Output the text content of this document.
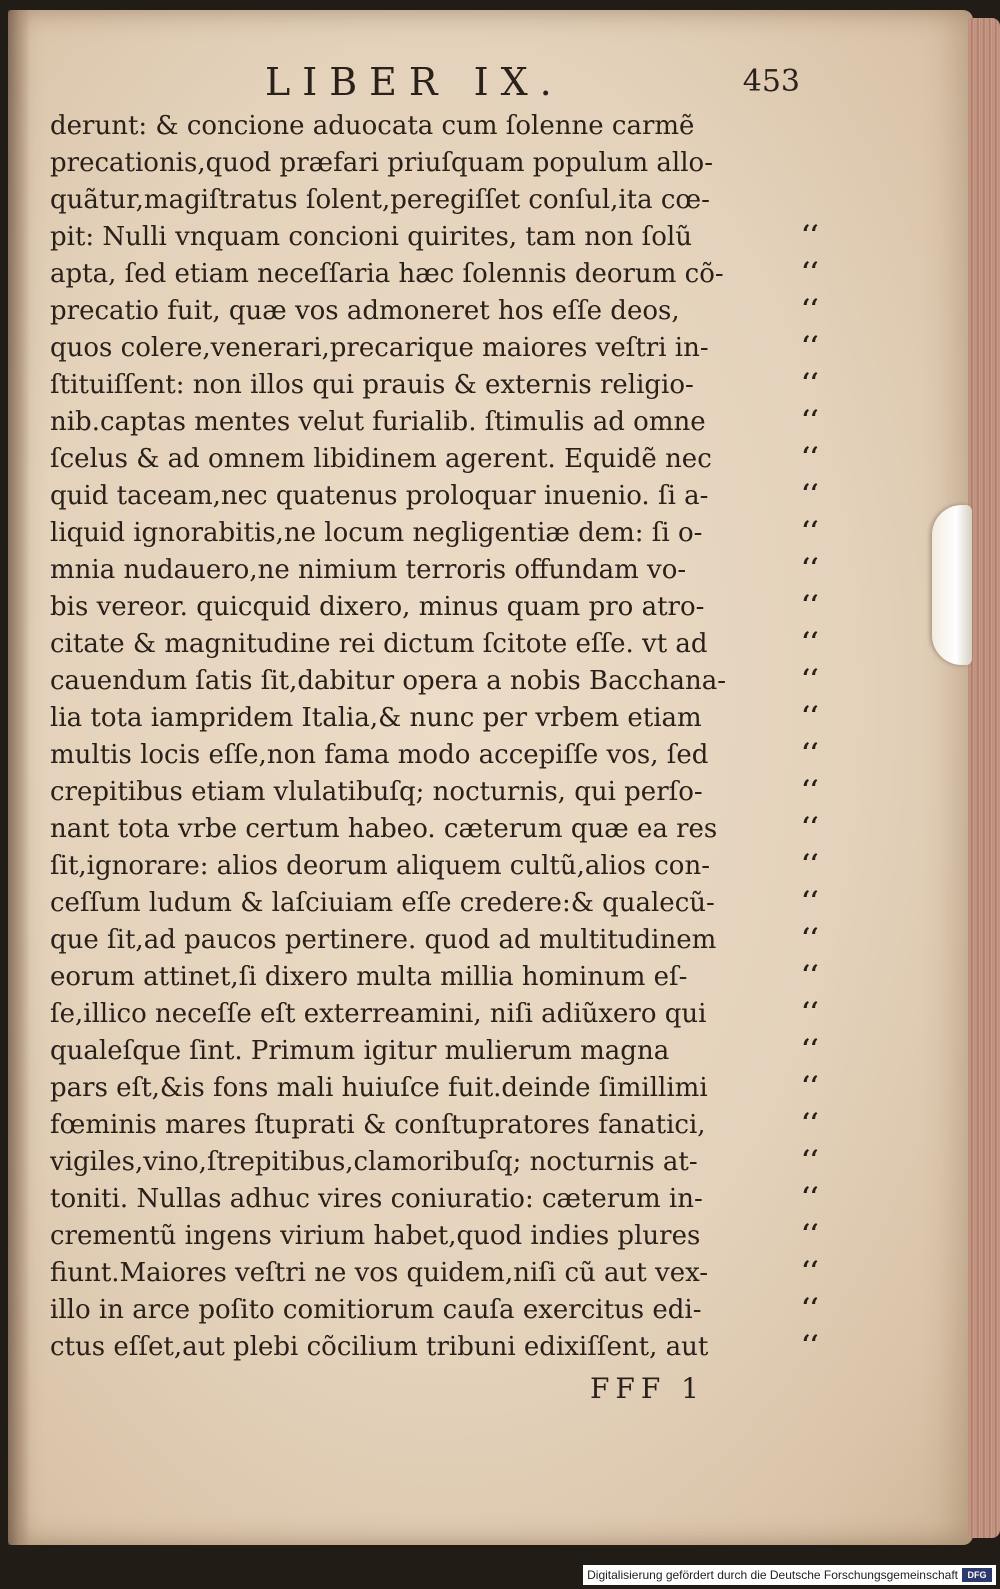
LIBER IX.	453
derunt: & concione aduocata cum ſolenne carmẽ
precationis,quod præfari priuſquam populum allo-
quãtur,magiſtratus ſolent,peregiſſet conſul,ita cœ-
pit: Nulli vnquam concioni quirites, tam non ſolũ
apta, ſed etiam neceſſaria hæc ſolennis deorum cõ-
precatio fuit, quæ vos admoneret hos eſſe deos,
quos colere,venerari,precarique maiores veſtri in-
ſtituiſſent: non illos qui prauis & externis religio-
nib.captas mentes velut furialib. ſtimulis ad omne
ſcelus & ad omnem libidinem agerent. Equidẽ nec
quid taceam,nec quatenus proloquar inuenio. ſi a-
liquid ignorabitis,ne locum negligentiæ dem: ſi o-
mnia nudauero,ne nimium terroris offundam vo-
bis vereor. quicquid dixero, minus quam pro atro-
citate & magnitudine rei dictum ſcitote eſſe. vt ad
cauendum ſatis ſit,dabitur opera a nobis Bacchana-
lia tota iampridem Italia,& nunc per vrbem etiam
multis locis eſſe,non fama modo accepiſſe vos, ſed
crepitibus etiam vlulatibuſq; nocturnis, qui perſo-
nant tota vrbe certum habeo. cæterum quæ ea res
ſit,ignorare: alios deorum aliquem cultũ,alios con-
ceſſum ludum & laſciuiam eſſe credere:& qualecũ-
que ſit,ad paucos pertinere. quod ad multitudinem
eorum attinet,ſi dixero multa millia hominum eſ-
ſe,illico neceſſe eſt exterreamini, niſi adiũxero qui
qualeſque ſint. Primum igitur mulierum magna
pars eſt,&is fons mali huiuſce fuit.deinde ſimillimi
fœminis mares ſtuprati & conſtupratores fanatici,
vigiles,vino,ſtrepitibus,clamoribuſq; nocturnis at-
toniti. Nullas adhuc vires coniuratio: cæterum in-
crementũ ingens virium habet,quod indies plures
fiunt.Maiores veſtri ne vos quidem,niſi cũ aut vex-
illo in arce poſito comitiorum cauſa exercitus edi-
ctus eſſet,aut plebi cõcilium tribuni edixiſſent, aut
‘‘
‘‘
‘‘
‘‘
‘‘
‘‘
‘‘
‘‘
‘‘
‘‘
‘‘
‘‘
‘‘
‘‘
‘‘
‘‘
‘‘
‘‘
‘‘
‘‘
‘‘
‘‘
‘‘
‘‘
‘‘
‘‘
‘‘
‘‘
‘‘
‘‘
‘‘
FFF 1
Digitalisierung gefördert durch die Deutsche Forschungsgemeinschaft DFG
